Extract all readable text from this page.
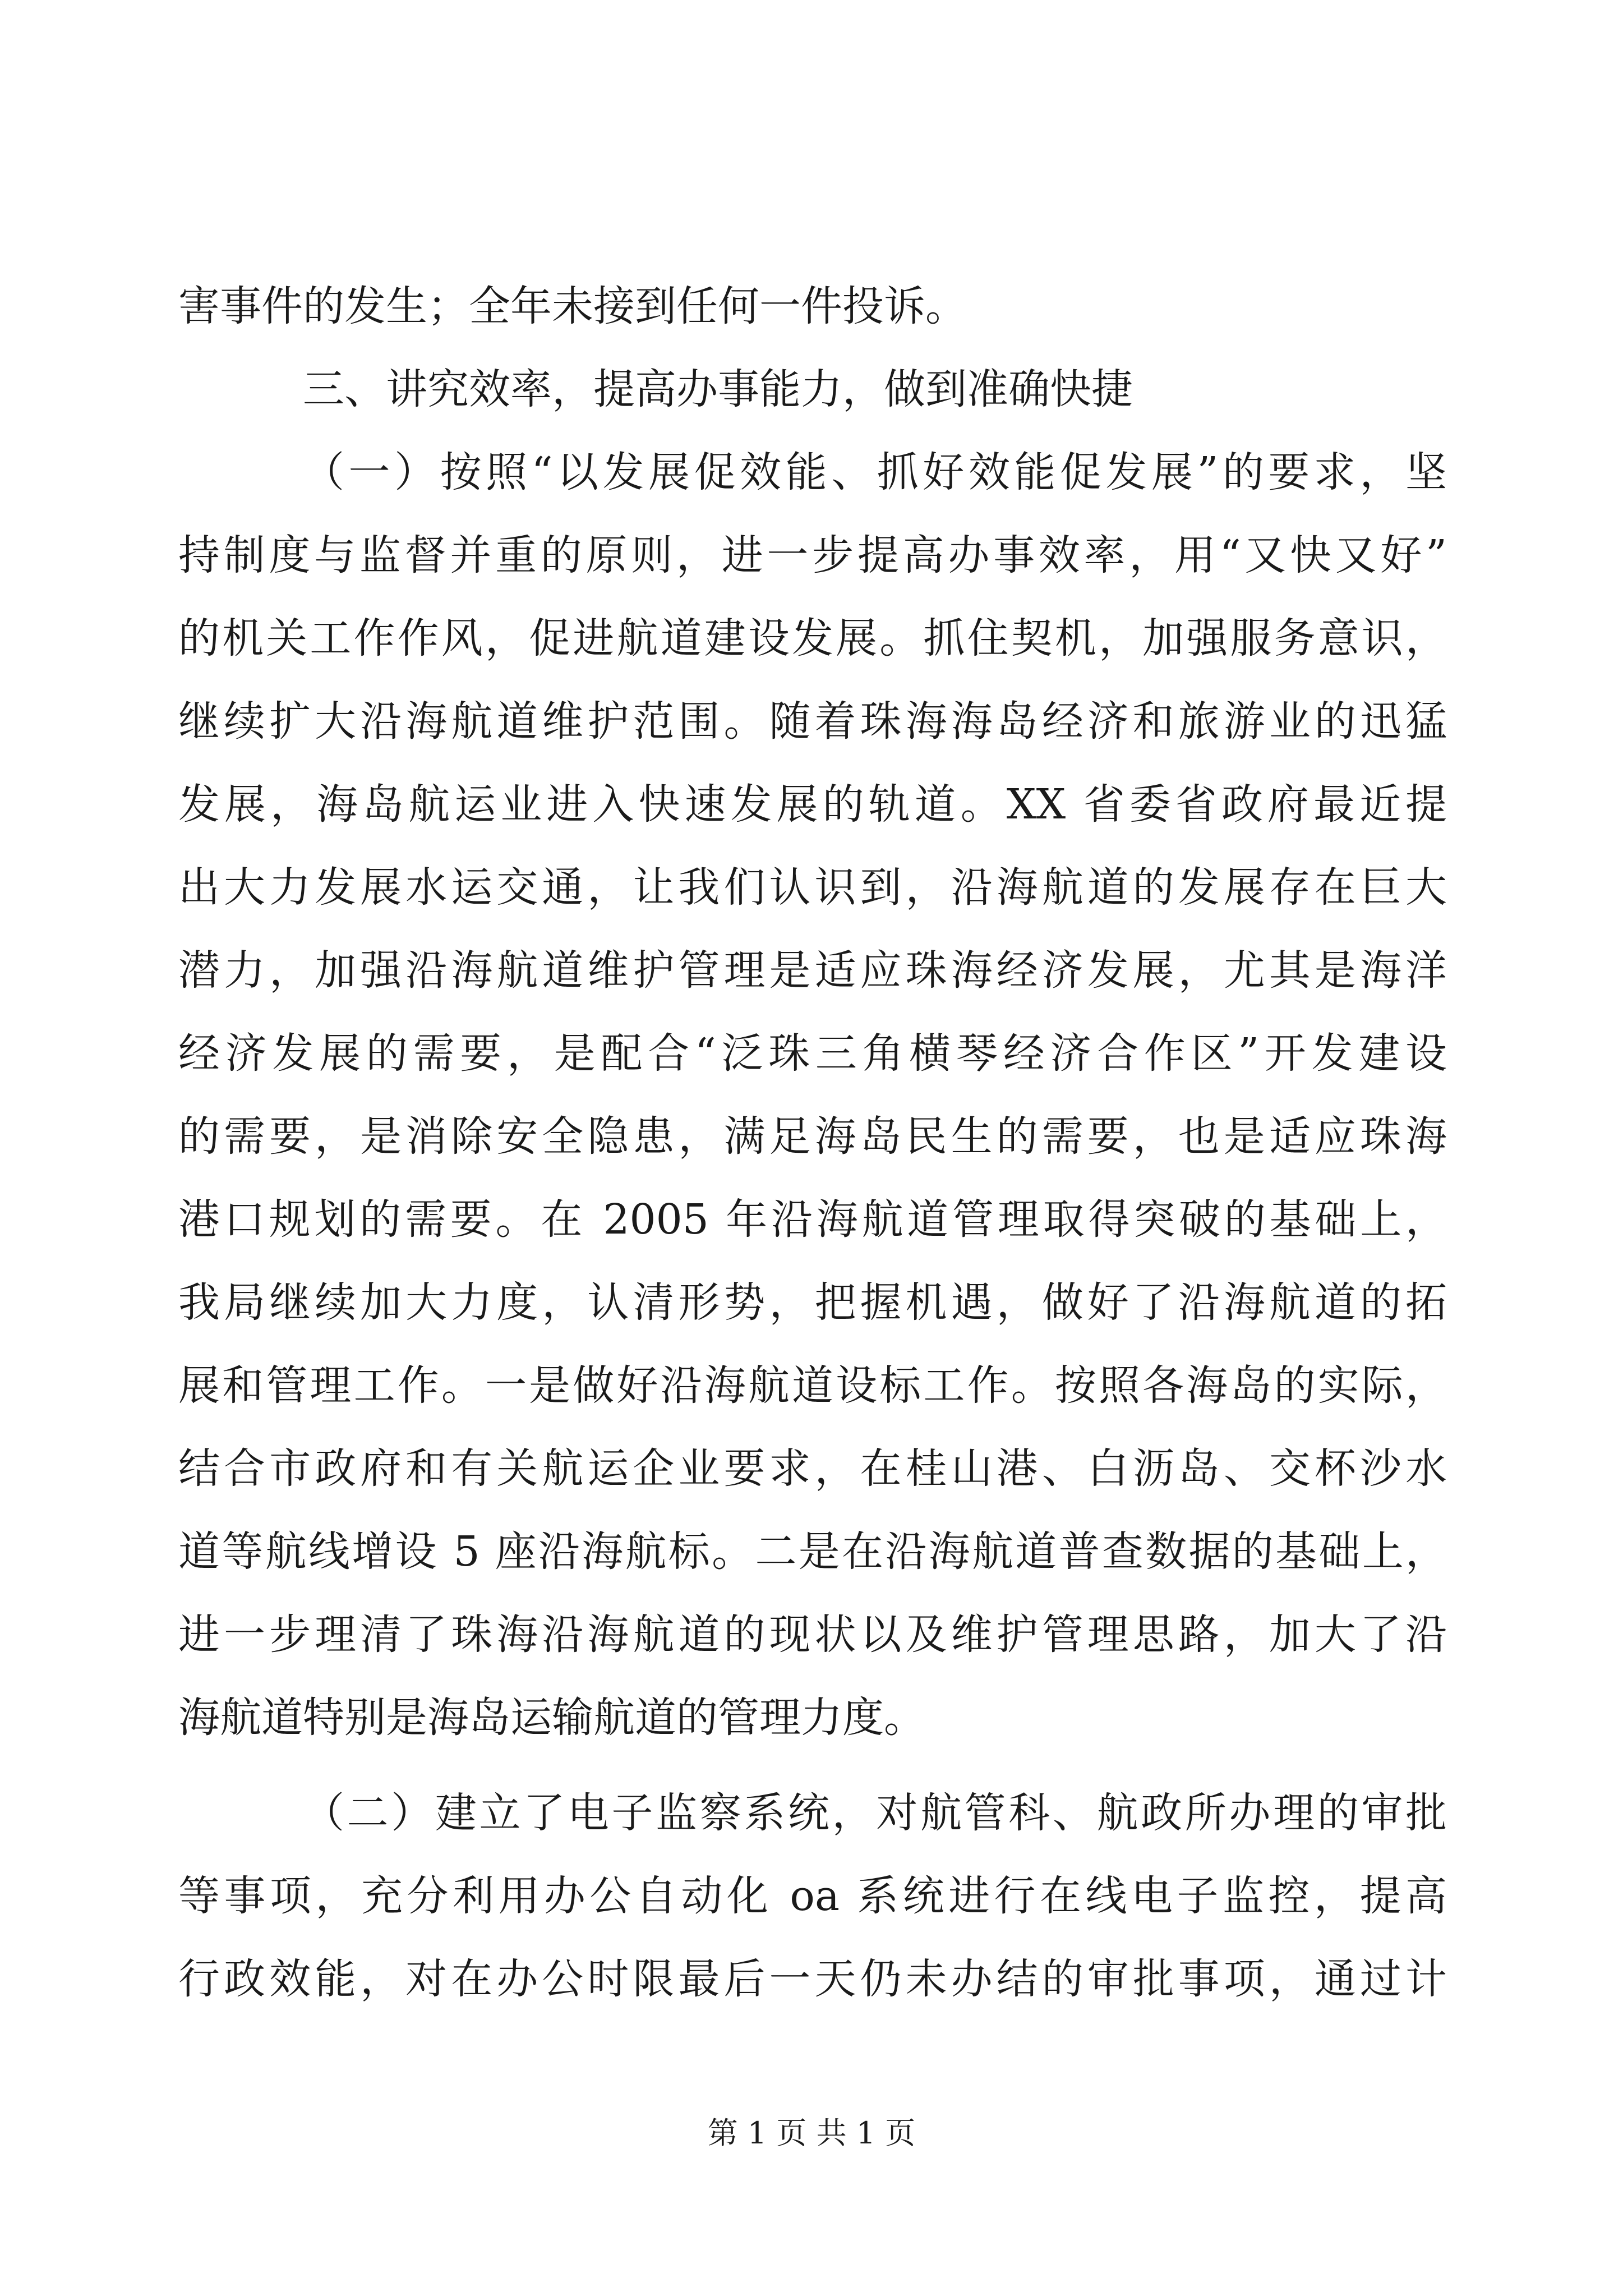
害事件的发生；全年未接到任何一件投诉。
三、讲究效率，提高办事能力，做到准确快捷
（一）按照“以发展促效能、抓好效能促发展”的要求，坚
持制度与监督并重的原则，进一步提高办事效率，用“又快又好”
的机关工作作风，促进航道建设发展。抓住契机，加强服务意识，
继续扩大沿海航道维护范围。随着珠海海岛经济和旅游业的迅猛
发展，海岛航运业进入快速发展的轨道。XX 省委省政府最近提
出大力发展水运交通，让我们认识到，沿海航道的发展存在巨大
潜力，加强沿海航道维护管理是适应珠海经济发展，尤其是海洋
经济发展的需要，是配合“泛珠三角横琴经济合作区”开发建设
的需要，是消除安全隐患，满足海岛民生的需要，也是适应珠海
港口规划的需要。在 2005 年沿海航道管理取得突破的基础上，
我局继续加大力度，认清形势，把握机遇，做好了沿海航道的拓
展和管理工作。一是做好沿海航道设标工作。按照各海岛的实际，
结合市政府和有关航运企业要求，在桂山港、白沥岛、交杯沙水
道等航线增设 5 座沿海航标。二是在沿海航道普查数据的基础上，
进一步理清了珠海沿海航道的现状以及维护管理思路，加大了沿
海航道特别是海岛运输航道的管理力度。
（二）建立了电子监察系统，对航管科、航政所办理的审批
等事项，充分利用办公自动化 oa 系统进行在线电子监控，提高
行政效能，对在办公时限最后一天仍未办结的审批事项，通过计
第 1 页 共 1 页
